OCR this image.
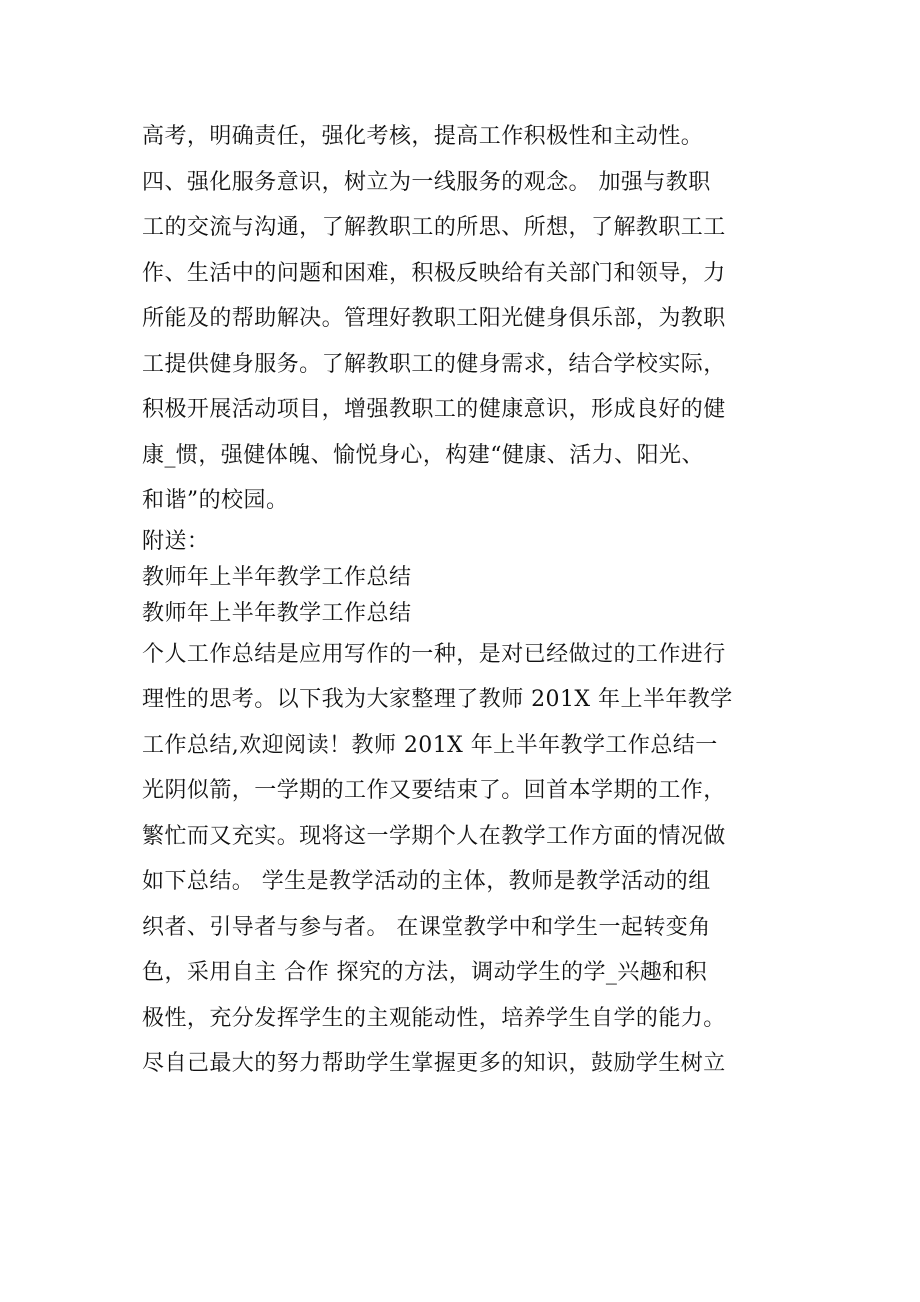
高考，明确责任，强化考核，提高工作积极性和主动性。
四、强化服务意识，树立为一线服务的观念。 加强与教职
工的交流与沟通，了解教职工的所思、所想，了解教职工工
作、生活中的问题和困难，积极反映给有关部门和领导，力
所能及的帮助解决。管理好教职工阳光健身俱乐部，为教职
工提供健身服务。了解教职工的健身需求，结合学校实际，
积极开展活动项目，增强教职工的健康意识，形成良好的健
康_惯，强健体魄、愉悦身心，构建“健康、活力、阳光、
和谐”的校园。
附送：
教师年上半年教学工作总结
教师年上半年教学工作总结
个人工作总结是应用写作的一种，是对已经做过的工作进行
理性的思考。以下我为大家整理了教师 201X 年上半年教学
工作总结,欢迎阅读！教师 201X 年上半年教学工作总结一
光阴似箭，一学期的工作又要结束了。回首本学期的工作，
繁忙而又充实。现将这一学期个人在教学工作方面的情况做
如下总结。 学生是教学活动的主体，教师是教学活动的组
织者、引导者与参与者。 在课堂教学中和学生一起转变角
色，采用自主 合作 探究的方法，调动学生的学_兴趣和积
极性，充分发挥学生的主观能动性，培养学生自学的能力。
尽自己最大的努力帮助学生掌握更多的知识，鼓励学生树立
